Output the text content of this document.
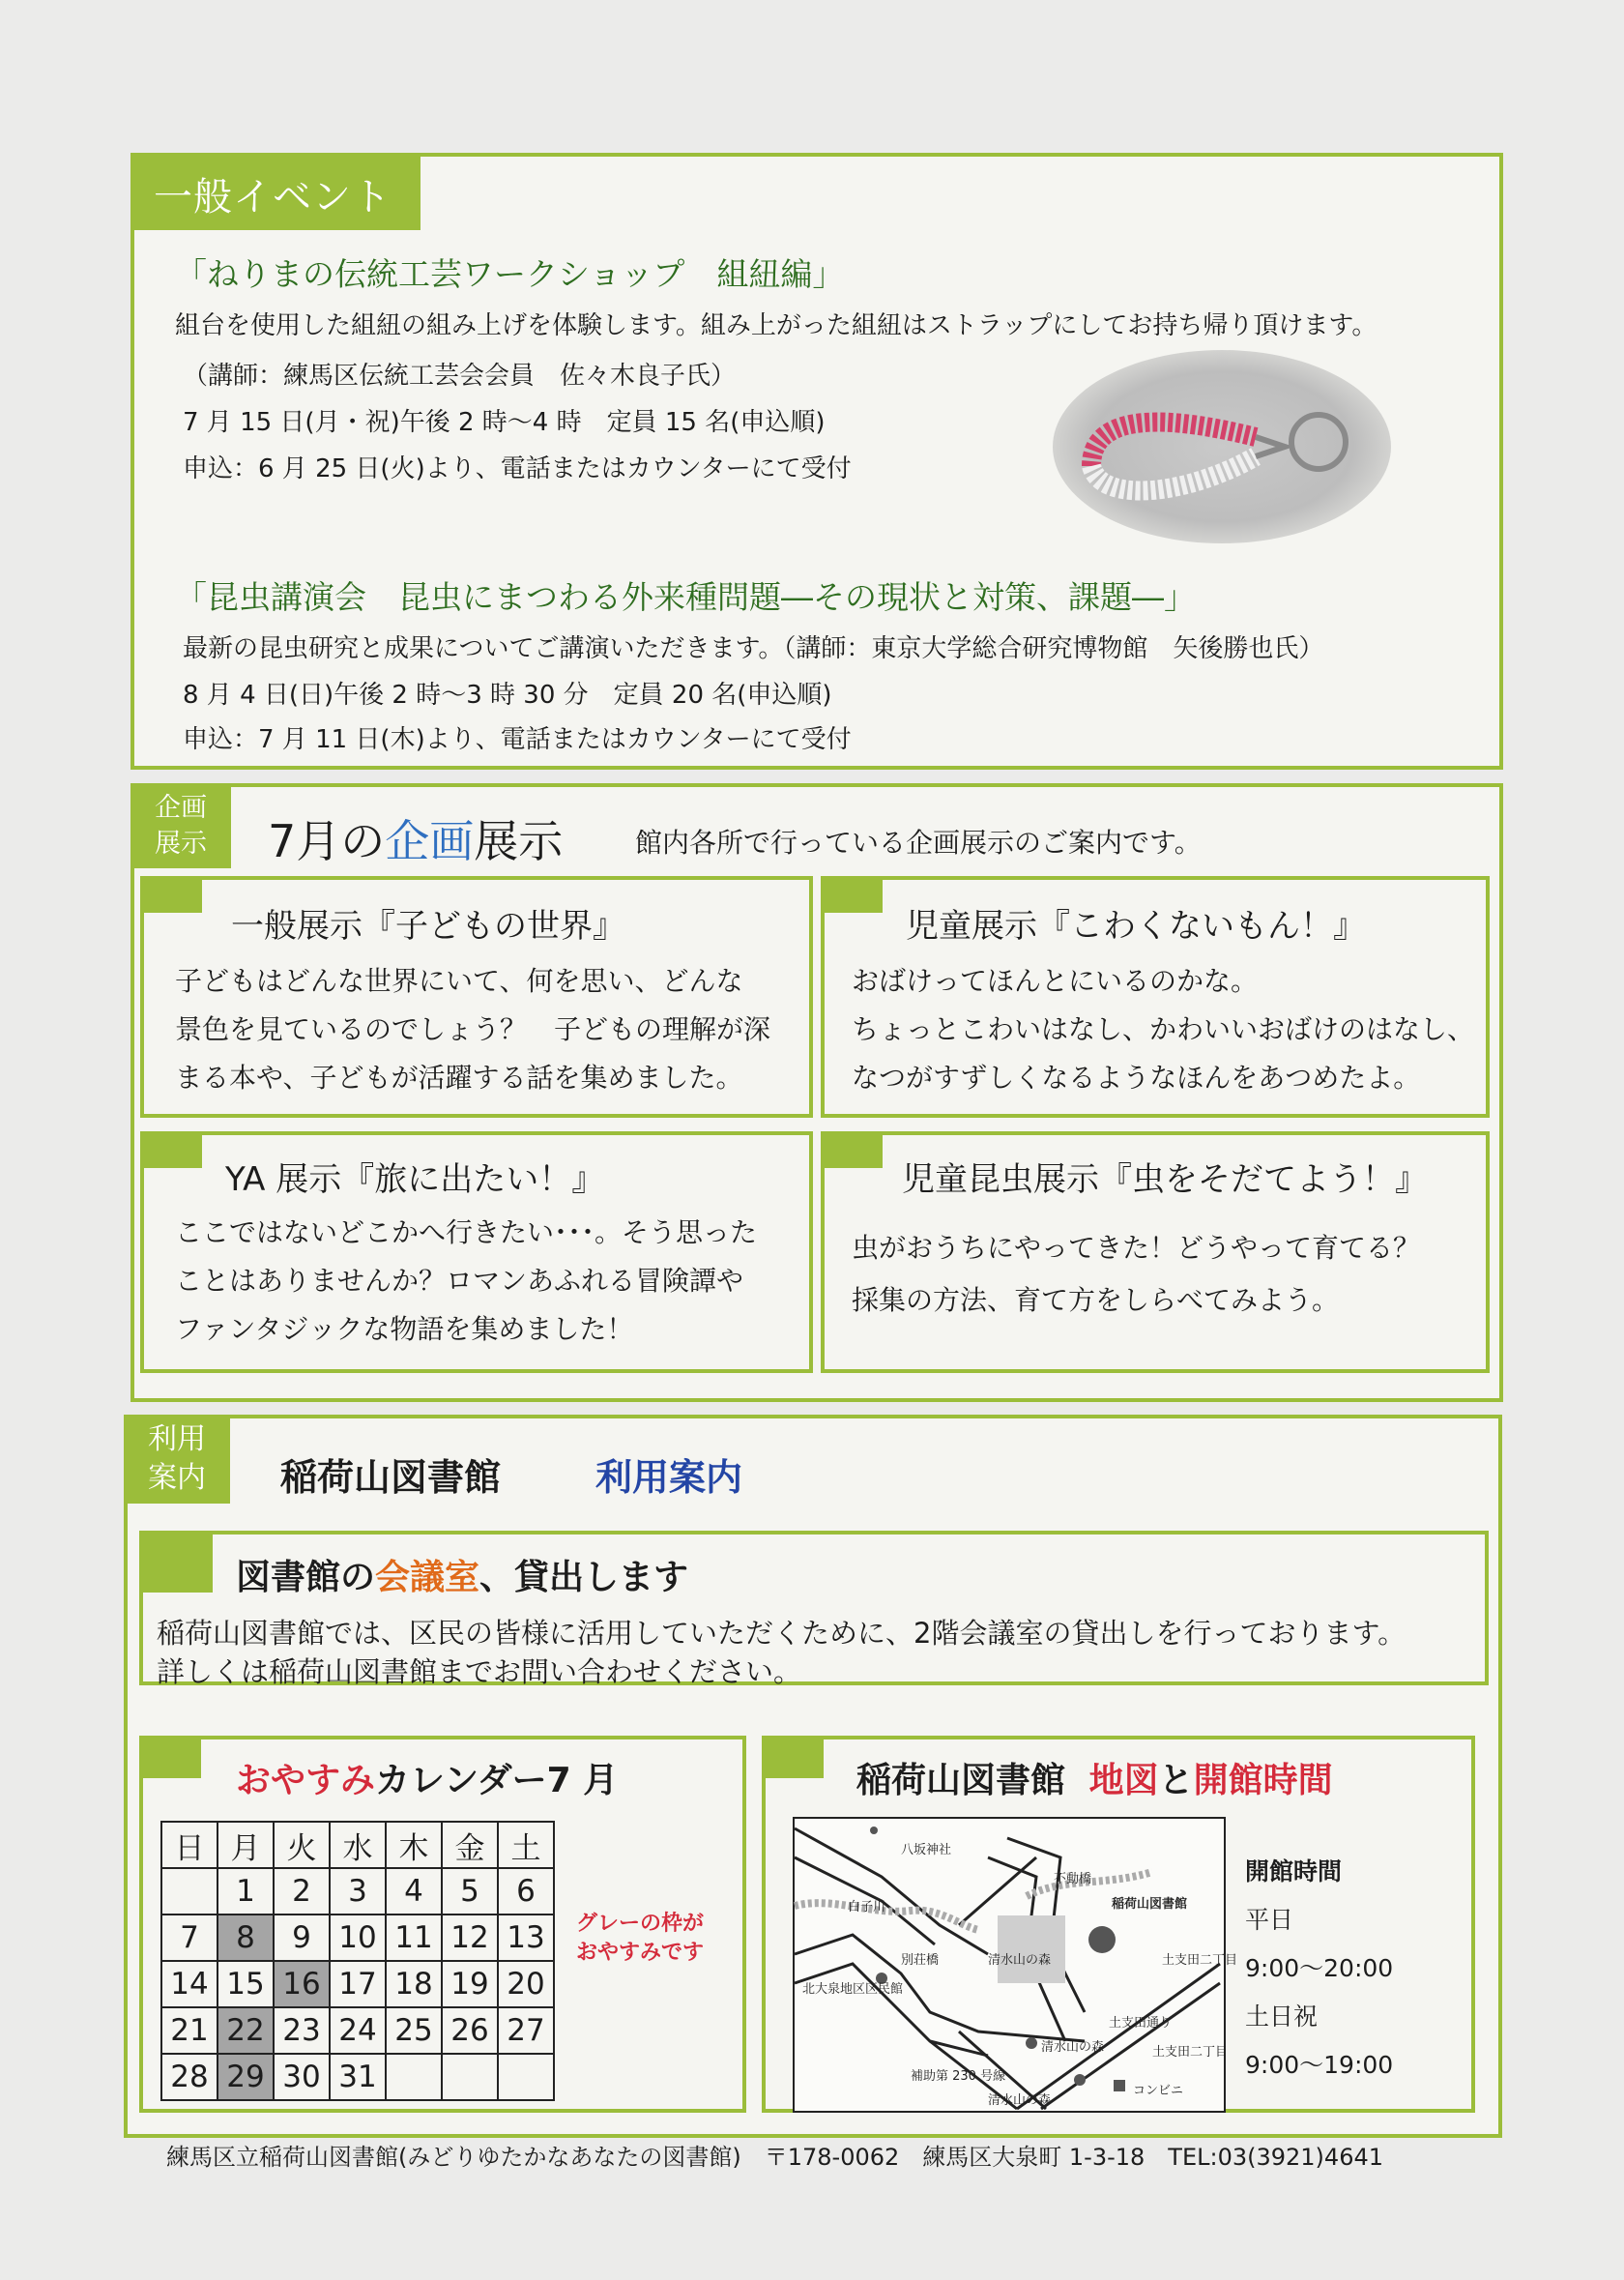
一般イベント
「ねりまの伝統工芸ワークショップ　組紐編」
組台を使用した組紐の組み上げを体験します。組み上がった組紐はストラップにしてお持ち帰り頂けます。
（講師：練馬区伝統工芸会会員　佐々木良子氏）
7 月 15 日(月・祝)午後 2 時～4 時　定員 15 名(申込順)
申込：6 月 25 日(火)より、電話またはカウンターにて受付
「昆虫講演会　昆虫にまつわる外来種問題―その現状と対策、課題―」
最新の昆虫研究と成果についてご講演いただきます。（講師：東京大学総合研究博物館　矢後勝也氏）
8 月 4 日(日)午後 2 時～3 時 30 分　定員 20 名(申込順)
申込：7 月 11 日(木)より、電話またはカウンターにて受付
企画
展示	7月の企画展示	館内各所で行っている企画展示のご案内です。
一般展示『子どもの世界』
子どもはどんな世界にいて、何を思い、どんな
景色を見ているのでしょう？　子どもの理解が深
まる本や、子どもが活躍する話を集めました。
児童展示『こわくないもん！』
おばけってほんとにいるのかな。
ちょっとこわいはなし、かわいいおばけのはなし、
なつがすずしくなるようなほんをあつめたよ。
YA 展示『旅に出たい！』
ここではないどこかへ行きたい･･･。そう思った
ことはありませんか？ロマンあふれる冒険譚や
ファンタジックな物語を集めました！
児童昆虫展示『虫をそだてよう！』
虫がおうちにやってきた！どうやって育てる？
採集の方法、育て方をしらべてみよう。
利用
案内	稲荷山図書館	利用案内
図書館の会議室、貸出します
稲荷山図書館では、区民の皆様に活用していただくために、2階会議室の貸出しを行っております。
詳しくは稲荷山図書館までお問い合わせください。
おやすみカレンダー7 月
日	月	火	水	木	金	土
	1	2	3	4	5	6
7	8	9	10	11	12	13
14	15	16	17	18	19	20
21	22	23	24	25	26	27
28	29	30	31			
グレーの枠が
おやすみです
稲荷山図書館 地図と開館時間
八坂神社
不動橋
稲荷山図書館
白子川
別荘橋	清水山の森
北大泉地区区民館
土支田二丁目
土支田通り
土支田二丁目
補助第 230 号線
清水山の森
清水山の森
コンビニ
開館時間
平日
9:00～20:00
土日祝
9:00～19:00
練馬区立稲荷山図書館(みどりゆたかなあなたの図書館)　〒178-0062　練馬区大泉町 1-3-18　TEL:03(3921)4641
